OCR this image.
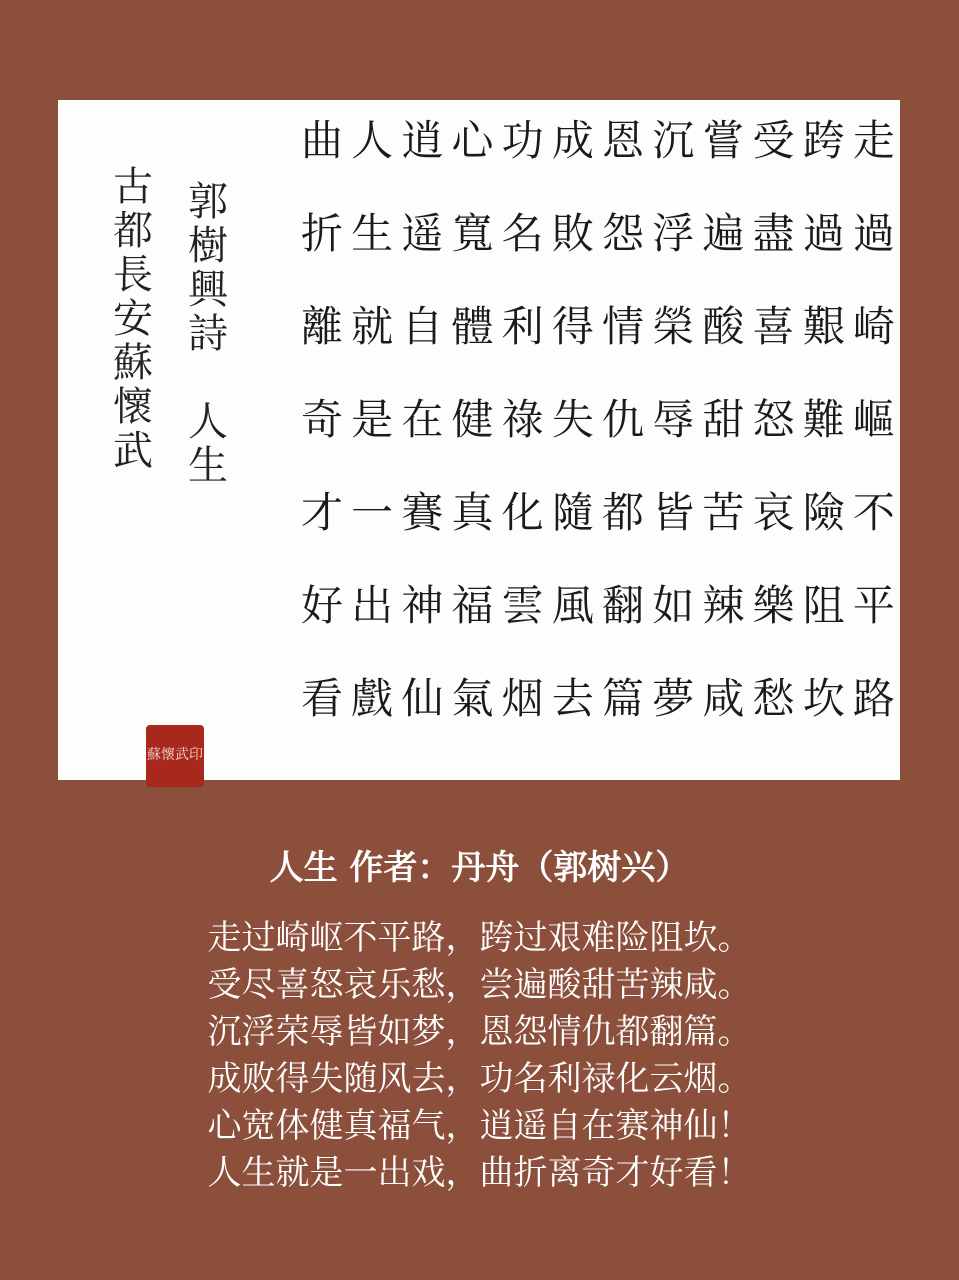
走
過
崎
嶇
不
平
路
跨
過
艱
難
險
阻
坎
受
盡
喜
怒
哀
樂
愁
嘗
遍
酸
甜
苦
辣
咸
沉
浮
榮
辱
皆
如
夢
恩
怨
情
仇
都
翻
篇
成
敗
得
失
隨
風
去
功
名
利
祿
化
雲
烟
心
寬
體
健
真
福
氣
逍
遥
自
在
賽
神
仙
人
生
就
是
一
出
戲
曲
折
離
奇
才
好
看
郭
樹
興
詩

人
生
古
都
長
安
蘇
懷
武
蘇懷武印
人生 作者：丹舟（郭树兴）
走过崎岖不平路，跨过艰难险阻坎。
受尽喜怒哀乐愁，尝遍酸甜苦辣咸。
沉浮荣辱皆如梦，恩怨情仇都翻篇。
成败得失随风去，功名利禄化云烟。
心宽体健真福气，逍遥自在赛神仙！
人生就是一出戏，曲折离奇才好看！
